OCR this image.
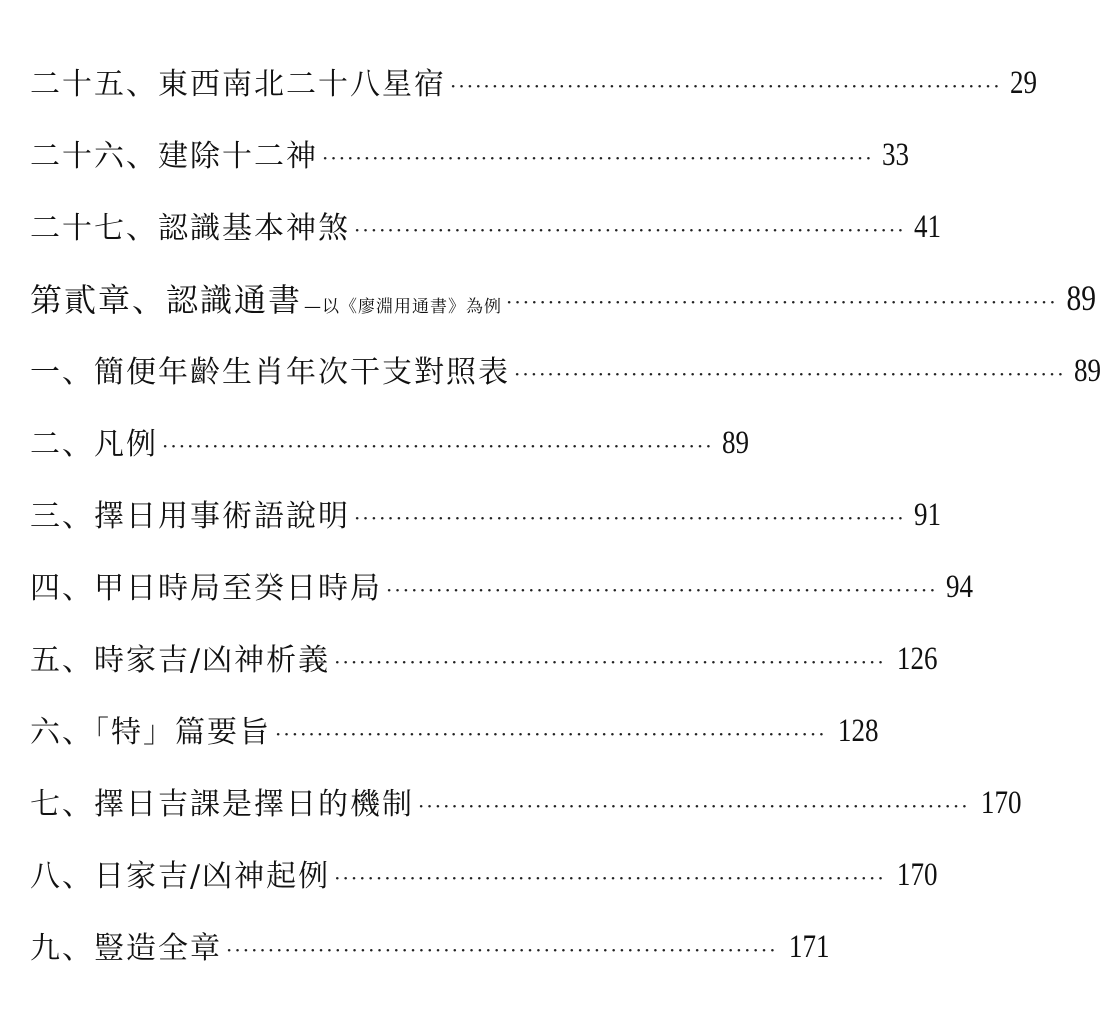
二十五、東西南北二十八星宿 ·································································· 29
二十六、建除十二神 ·································································· 33
二十七、認識基本神煞 ·································································· 41
第貳章、認識通書 —以《廖淵用通書》為例 ·································································· 89
一、簡便年齡生肖年次干支對照表 ·································································· 89
二、凡例 ·································································· 89
三、擇日用事術語說明 ·································································· 91
四、甲日時局至癸日時局 ·································································· 94
五、時家吉/凶神析義 ·································································· 126
六、「特」篇要旨 ·································································· 128
七、擇日吉課是擇日的機制 ·································································· 170
八、日家吉/凶神起例 ·································································· 170
九、豎造全章 ·································································· 171
